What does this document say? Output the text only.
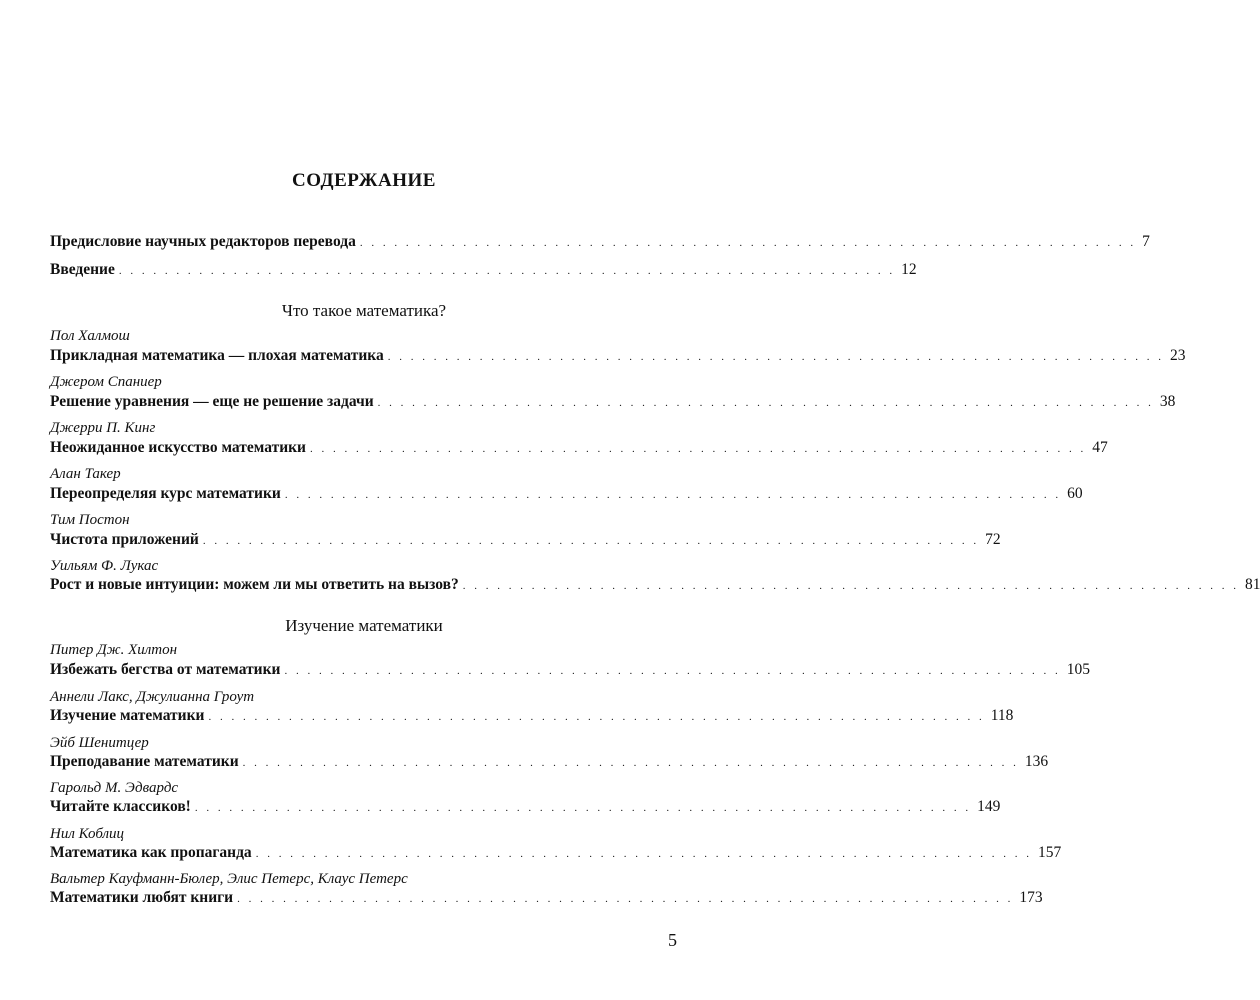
СОДЕРЖАНИЕ
Предисловие научных редакторов перевода . . . . . . . . . . . . . . . . . . . . . . . . . . . . . . . . . . . . . . . . . . . . . . . . . . . . . . . . . . . . . . . . . . . . 7
Введение . . . . . . . . . . . . . . . . . . . . . . . . . . . . . . . . . . . . . . . . . . . . . . . . . . . . . . . . . . . . . . . . . . . . 12
Что такое математика?
Пол Халмош
Прикладная математика — плохая математика . . . . . . . . . . . . . . . . . . . . . . . . . . . . . . . . . . . . . . . . . . . . . . . . . . . . . . . . . . . . . . . . . . . . 23
Джером Спаниер
Решение уравнения — еще не решение задачи . . . . . . . . . . . . . . . . . . . . . . . . . . . . . . . . . . . . . . . . . . . . . . . . . . . . . . . . . . . . . . . . . . . . 38
Джерри П. Кинг
Неожиданное искусство математики . . . . . . . . . . . . . . . . . . . . . . . . . . . . . . . . . . . . . . . . . . . . . . . . . . . . . . . . . . . . . . . . . . . . 47
Алан Такер
Переопределяя курс математики . . . . . . . . . . . . . . . . . . . . . . . . . . . . . . . . . . . . . . . . . . . . . . . . . . . . . . . . . . . . . . . . . . . . 60
Тим Постон
Чистота приложений . . . . . . . . . . . . . . . . . . . . . . . . . . . . . . . . . . . . . . . . . . . . . . . . . . . . . . . . . . . . . . . . . . . . 72
Уильям Ф. Лукас
Рост и новые интуиции: можем ли мы ответить на вызов? . . . . . . . . . . . . . . . . . . . . . . . . . . . . . . . . . . . . . . . . . . . . . . . . . . . . . . . . . . . . . . . . . . . . 81
Изучение математики
Питер Дж. Хилтон
Избежать бегства от математики . . . . . . . . . . . . . . . . . . . . . . . . . . . . . . . . . . . . . . . . . . . . . . . . . . . . . . . . . . . . . . . . . . . . 105
Аннели Лакс, Джулианна Гроут
Изучение математики . . . . . . . . . . . . . . . . . . . . . . . . . . . . . . . . . . . . . . . . . . . . . . . . . . . . . . . . . . . . . . . . . . . . 118
Эйб Шенитцер
Преподавание математики . . . . . . . . . . . . . . . . . . . . . . . . . . . . . . . . . . . . . . . . . . . . . . . . . . . . . . . . . . . . . . . . . . . . 136
Гарольд М. Эдвардс
Читайте классиков! . . . . . . . . . . . . . . . . . . . . . . . . . . . . . . . . . . . . . . . . . . . . . . . . . . . . . . . . . . . . . . . . . . . . 149
Нил Коблиц
Математика как пропаганда . . . . . . . . . . . . . . . . . . . . . . . . . . . . . . . . . . . . . . . . . . . . . . . . . . . . . . . . . . . . . . . . . . . . 157
Вальтер Кауфманн-Бюлер, Элис Петерс, Клаус Петерс
Математики любят книги . . . . . . . . . . . . . . . . . . . . . . . . . . . . . . . . . . . . . . . . . . . . . . . . . . . . . . . . . . . . . . . . . . . . 173
5
